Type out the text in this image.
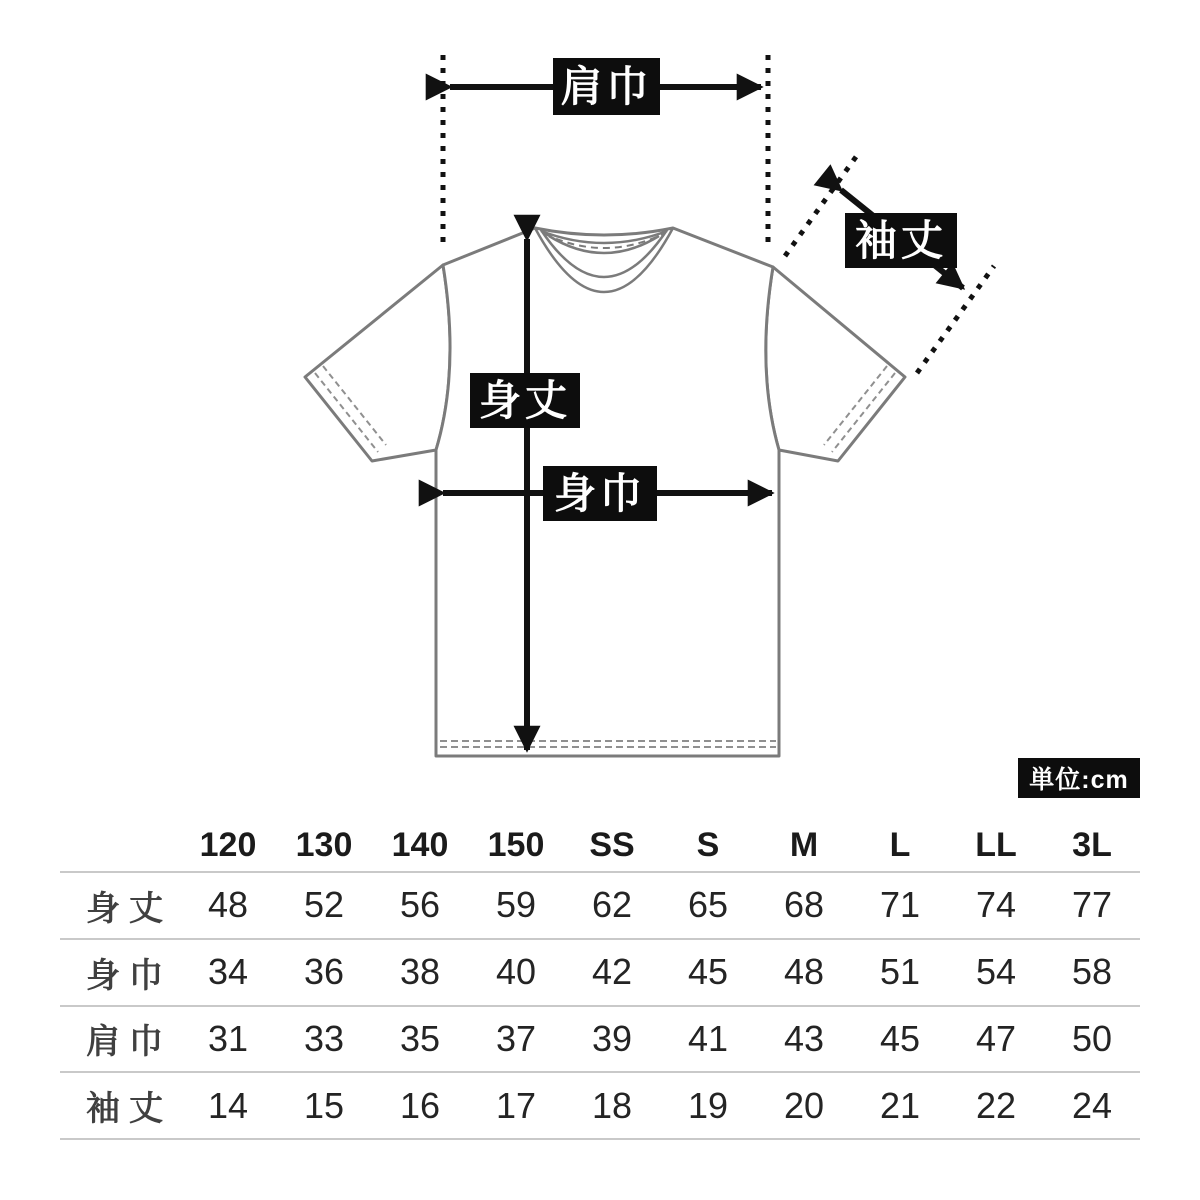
肩巾
袖丈
身丈
身巾
単位:cm
120	130	140	150	SS	S	M	L	LL	3L
身丈 48	52	56	59	62	65	68	71	74	77
身巾 34	36	38	40	42	45	48	51	54	58
肩巾 31	33	35	37	39	41	43	45	47	50
袖丈 14	15	16	17	18	19	20	21	22	24
